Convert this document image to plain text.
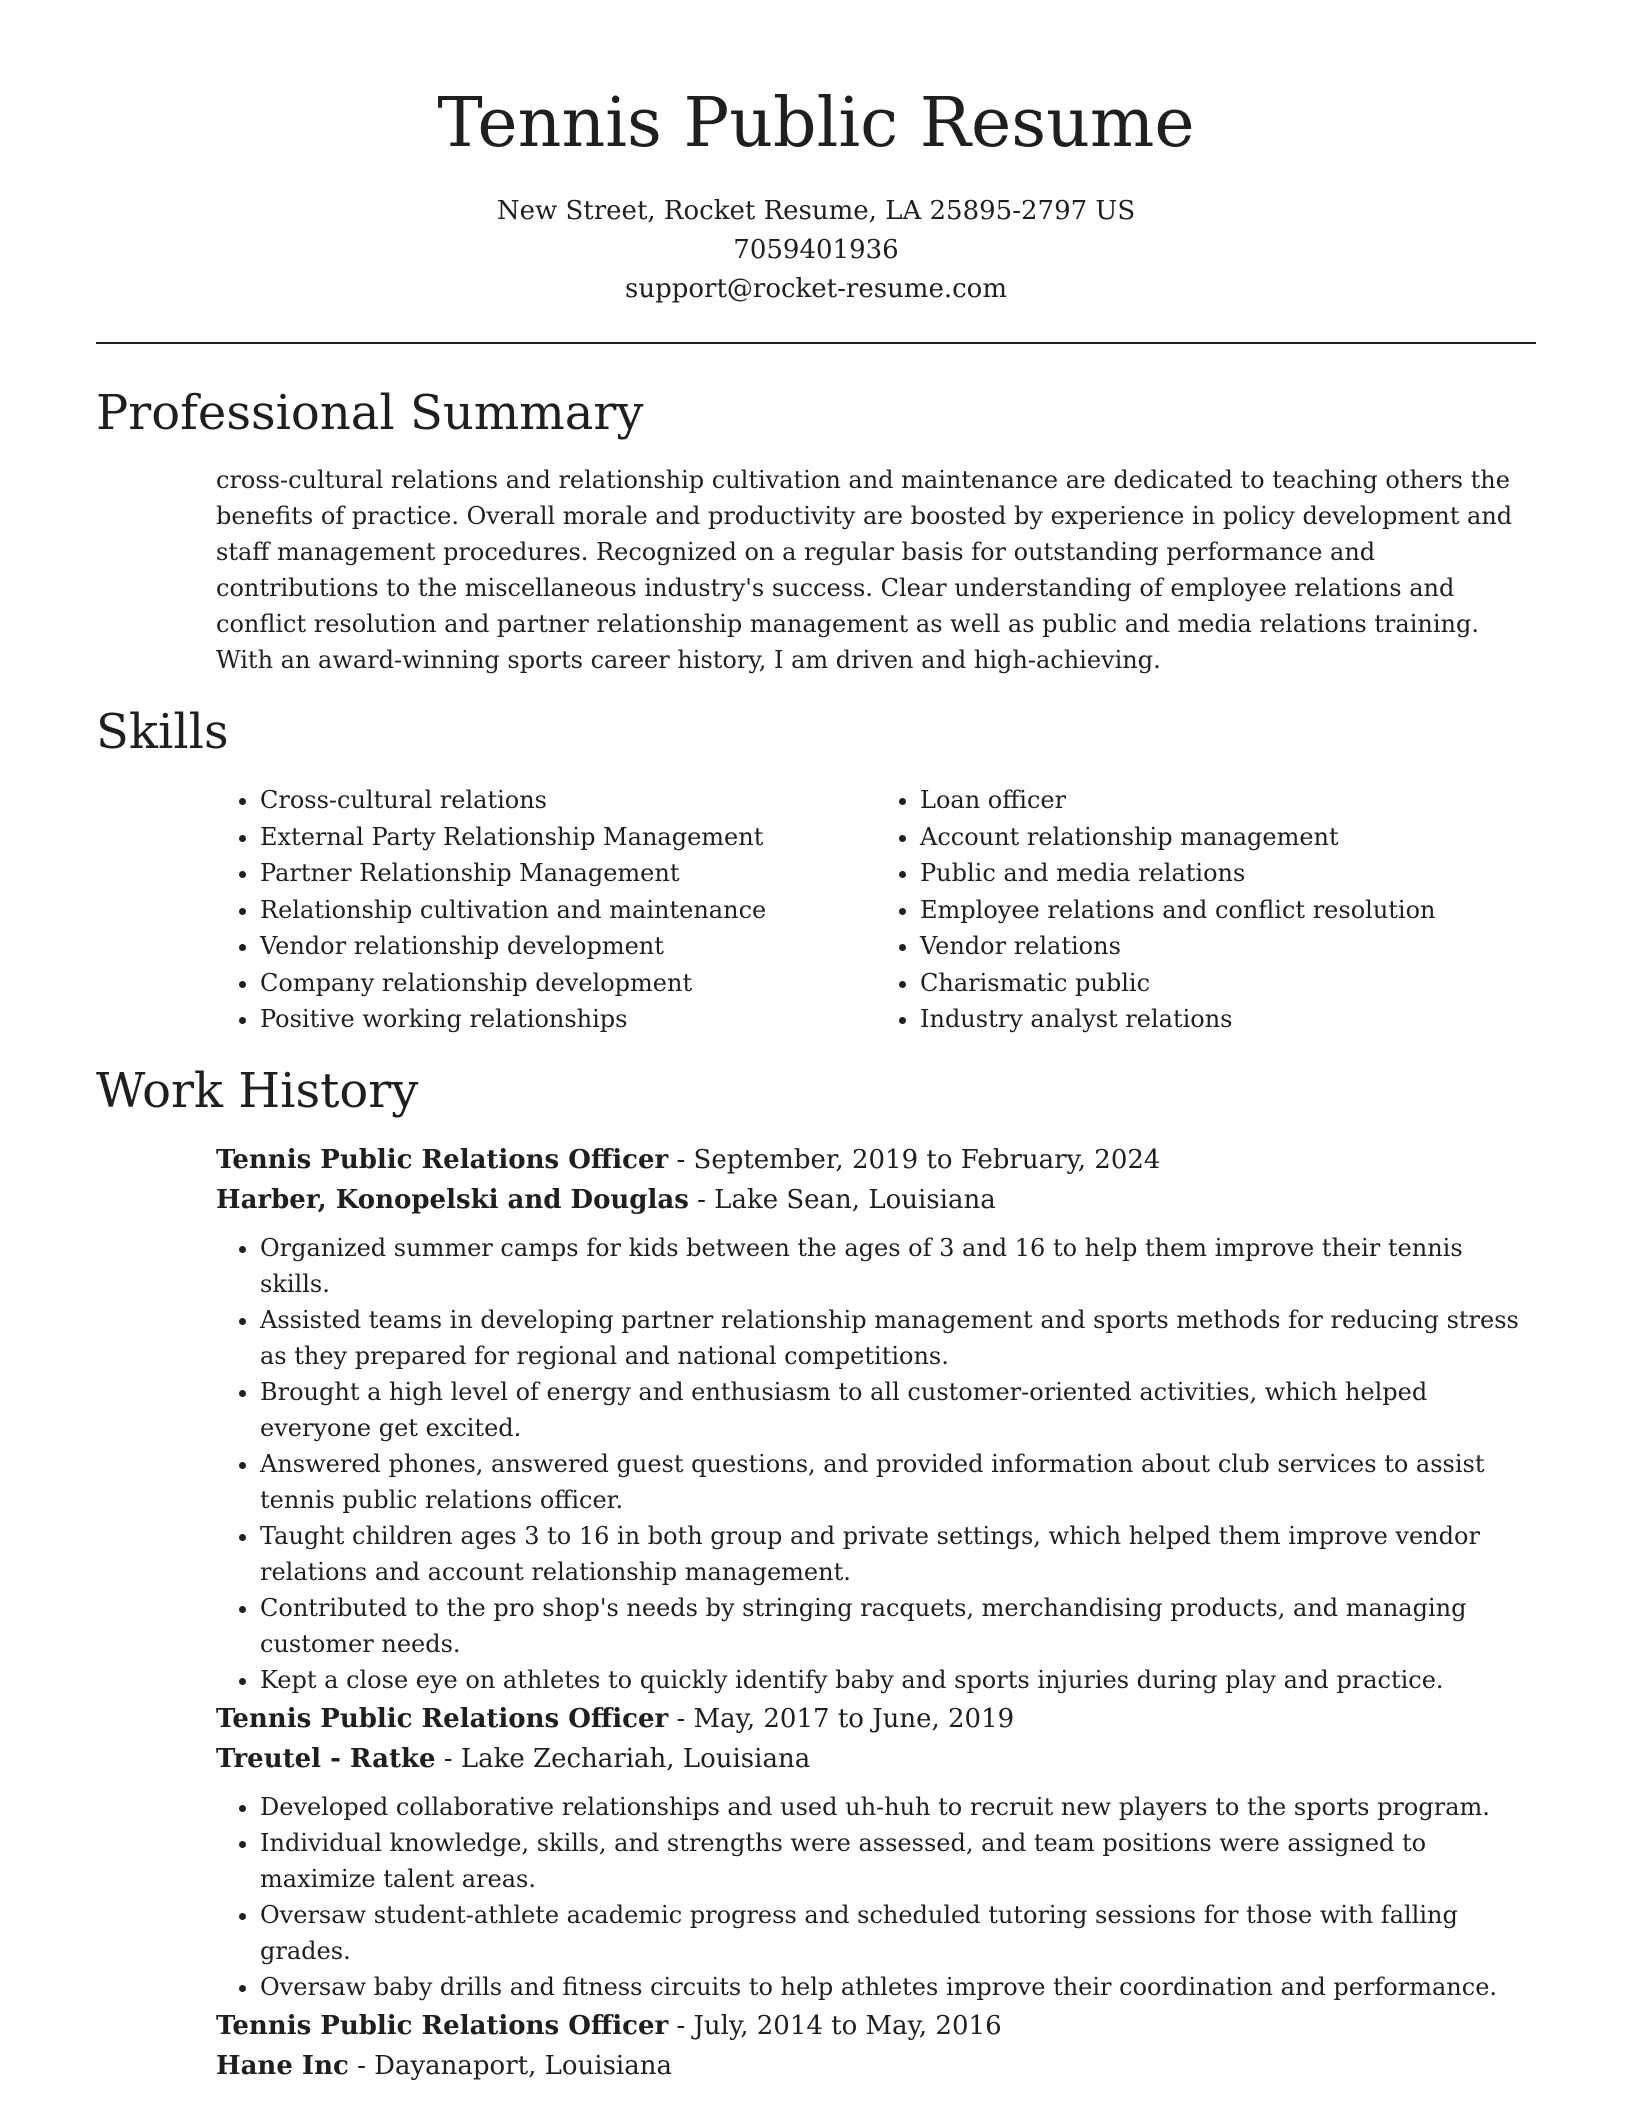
Tennis Public Resume
New Street, Rocket Resume, LA 25895-2797 US
7059401936
support@rocket-resume.com
Professional Summary

cross-cultural relations and relationship cultivation and maintenance are dedicated to teaching others the benefits of practice. Overall morale and productivity are boosted by experience in policy development and staff management procedures. Recognized on a regular basis for outstanding performance and contributions to the miscellaneous industry's success. Clear understanding of employee relations and conflict resolution and partner relationship management as well as public and media relations training. With an award-winning sports career history, I am driven and high-achieving.

Skills
• Cross-cultural relations
• External Party Relationship Management
• Partner Relationship Management
• Relationship cultivation and maintenance
• Vendor relationship development
• Company relationship development
• Positive working relationships
• Loan officer
• Account relationship management
• Public and media relations
• Employee relations and conflict resolution
• Vendor relations
• Charismatic public
• Industry analyst relations
Work History

Tennis Public Relations Officer - September, 2019 to February, 2024

Harber, Konopelski and Douglas - Lake Sean, Louisiana

• Organized summer camps for kids between the ages of 3 and 16 to help them improve their tennis skills.
• Assisted teams in developing partner relationship management and sports methods for reducing stress as they prepared for regional and national competitions.
• Brought a high level of energy and enthusiasm to all customer-oriented activities, which helped everyone get excited.
• Answered phones, answered guest questions, and provided information about club services to assist tennis public relations officer.
• Taught children ages 3 to 16 in both group and private settings, which helped them improve vendor relations and account relationship management.
• Contributed to the pro shop's needs by stringing racquets, merchandising products, and managing customer needs.
• Kept a close eye on athletes to quickly identify baby and sports injuries during play and practice.

Tennis Public Relations Officer - May, 2017 to June, 2019

Treutel - Ratke - Lake Zechariah, Louisiana

• Developed collaborative relationships and used uh-huh to recruit new players to the sports program.
• Individual knowledge, skills, and strengths were assessed, and team positions were assigned to maximize talent areas.
• Oversaw student-athlete academic progress and scheduled tutoring sessions for those with falling grades.
• Oversaw baby drills and fitness circuits to help athletes improve their coordination and performance.

Tennis Public Relations Officer - July, 2014 to May, 2016

Hane Inc - Dayanaport, Louisiana
